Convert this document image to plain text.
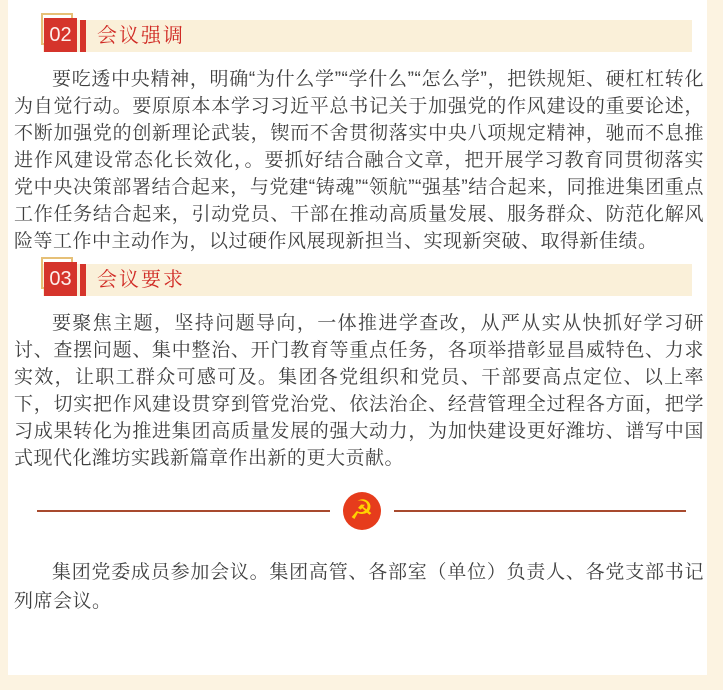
02 会议强调

要吃透中央精神，明确“为什么学”“学什么”“怎么学”，把铁规矩、硬杠杠转化为自觉行动。要原原本本学习习近平总书记关于加强党的作风建设的重要论述，不断加强党的创新理论武装，锲而不舍贯彻落实中央八项规定精神，驰而不息推进作风建设常态化长效化，。要抓好结合融合文章，把开展学习教育同贯彻落实党中央决策部署结合起来，与党建“铸魂”“领航”“强基”结合起来，同推进集团重点工作任务结合起来，引动党员、干部在推动高质量发展、服务群众、防范化解风险等工作中主动作为，以过硬作风展现新担当、实现新突破、取得新佳绩。

03 会议要求

要聚焦主题，坚持问题导向，一体推进学查改，从严从实从快抓好学习研讨、查摆问题、集中整治、开门教育等重点任务，各项举措彰显昌威特色、力求实效，让职工群众可感可及。集团各党组织和党员、干部要高点定位、以上率下，切实把作风建设贯穿到管党治党、依法治企、经营管理全过程各方面，把学习成果转化为推进集团高质量发展的强大动力，为加快建设更好潍坊、谱写中国式现代化潍坊实践新篇章作出新的更大贡献。

☭

集团党委成员参加会议。集团高管、各部室（单位）负责人、各党支部书记列席会议。
